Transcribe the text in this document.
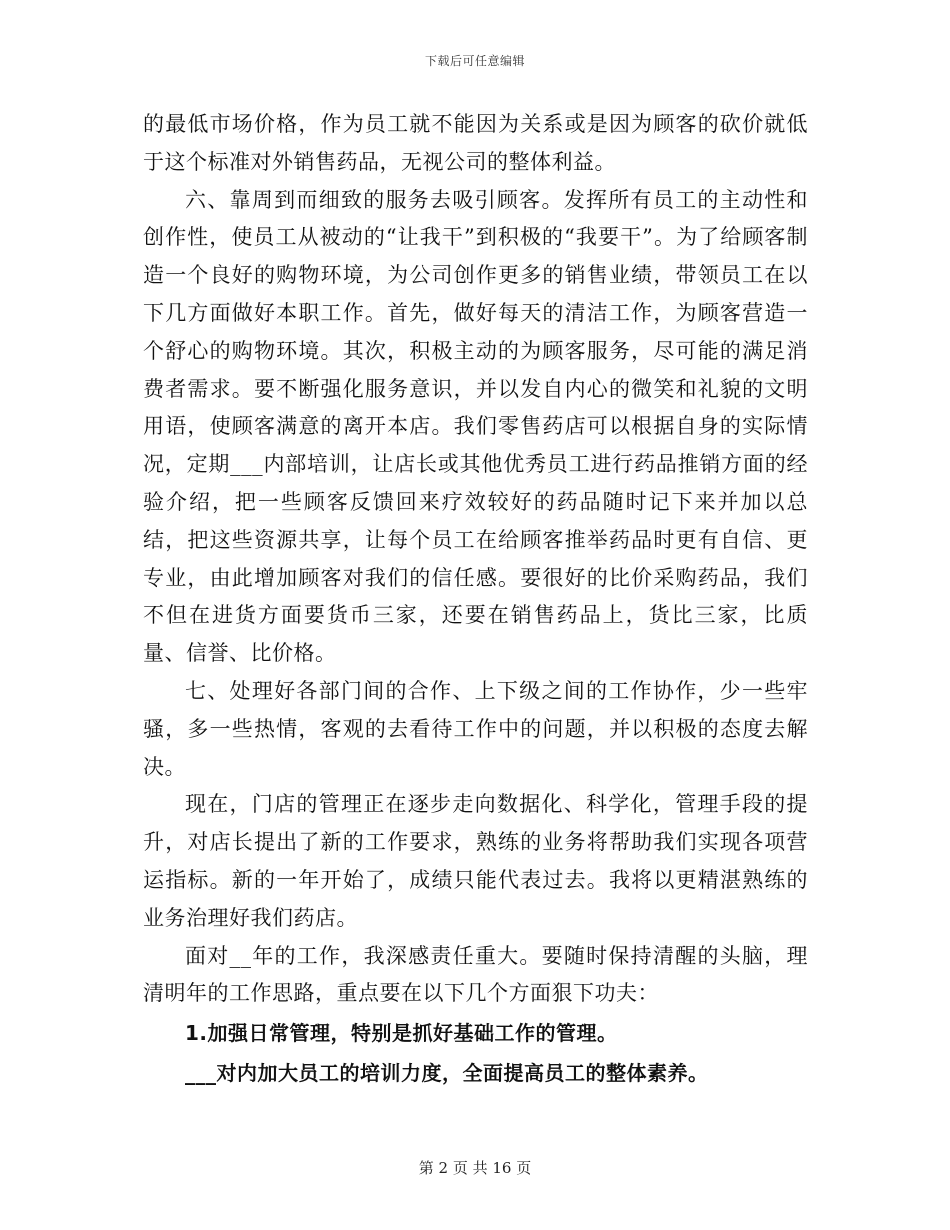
下载后可任意编辑

的最低市场价格，作为员工就不能因为关系或是因为顾客的砍价就低于这个标准对外销售药品，无视公司的整体利益。

六、靠周到而细致的服务去吸引顾客。发挥所有员工的主动性和创作性，使员工从被动的“让我干”到积极的“我要干”。为了给顾客制造一个良好的购物环境，为公司创作更多的销售业绩，带领员工在以下几方面做好本职工作。首先，做好每天的清洁工作，为顾客营造一个舒心的购物环境。其次，积极主动的为顾客服务，尽可能的满足消费者需求。要不断强化服务意识，并以发自内心的微笑和礼貌的文明用语，使顾客满意的离开本店。我们零售药店可以根据自身的实际情况，定期___内部培训，让店长或其他优秀员工进行药品推销方面的经验介绍，把一些顾客反馈回来疗效较好的药品随时记下来并加以总结，把这些资源共享，让每个员工在给顾客推举药品时更有自信、更专业，由此增加顾客对我们的信任感。要很好的比价采购药品，我们不但在进货方面要货币三家，还要在销售药品上，货比三家，比质量、信誉、比价格。

七、处理好各部门间的合作、上下级之间的工作协作，少一些牢骚，多一些热情，客观的去看待工作中的问题，并以积极的态度去解决。

现在，门店的管理正在逐步走向数据化、科学化，管理手段的提升，对店长提出了新的工作要求，熟练的业务将帮助我们实现各项营运指标。新的一年开始了，成绩只能代表过去。我将以更精湛熟练的业务治理好我们药店。

面对__年的工作，我深感责任重大。要随时保持清醒的头脑，理清明年的工作思路，重点要在以下几个方面狠下功夫：

1.加强日常管理，特别是抓好基础工作的管理。

___对内加大员工的培训力度，全面提高员工的整体素养。

第 2 页 共 16 页
